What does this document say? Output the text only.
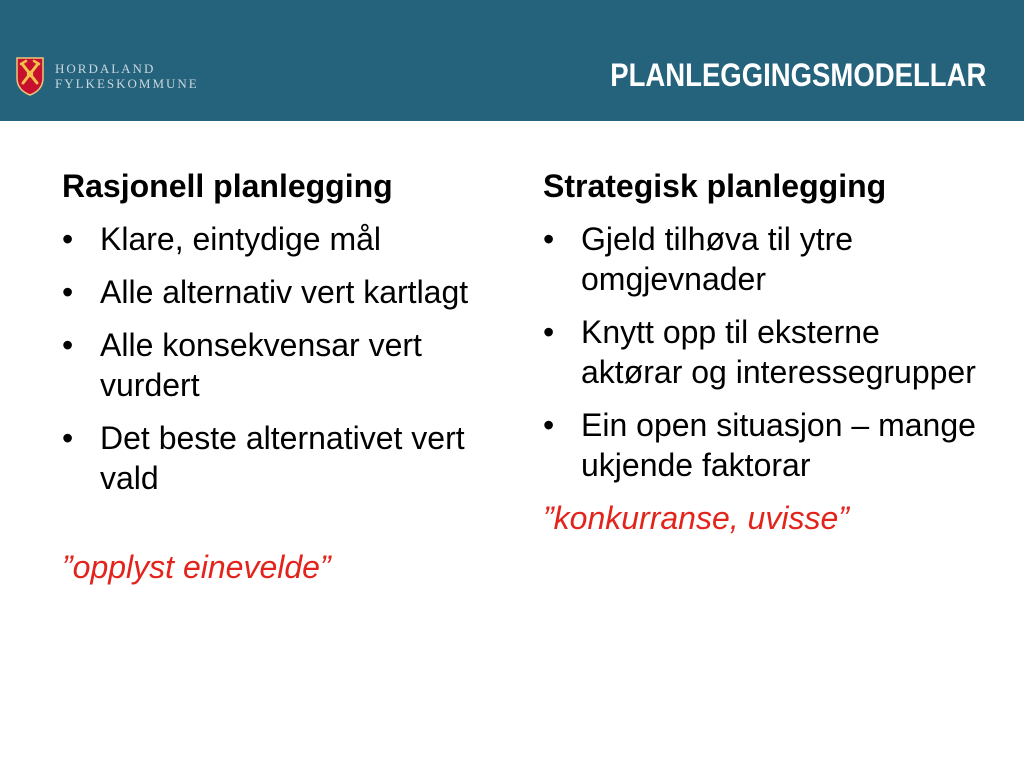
HORDALAND
FYLKESKOMMUNE	PLANLEGGINGSMODELLAR
Rasjonell planlegging
• Klare, eintydige mål
• Alle alternativ vert kartlagt
• Alle konsekvensar vert vurdert
• Det beste alternativet vert vald
”opplyst einevelde”
Strategisk planlegging
• Gjeld tilhøva til ytre omgjevnader
• Knytt opp til eksterne aktørar og interessegrupper
• Ein open situasjon – mange ukjende faktorar
”konkurranse, uvisse”
